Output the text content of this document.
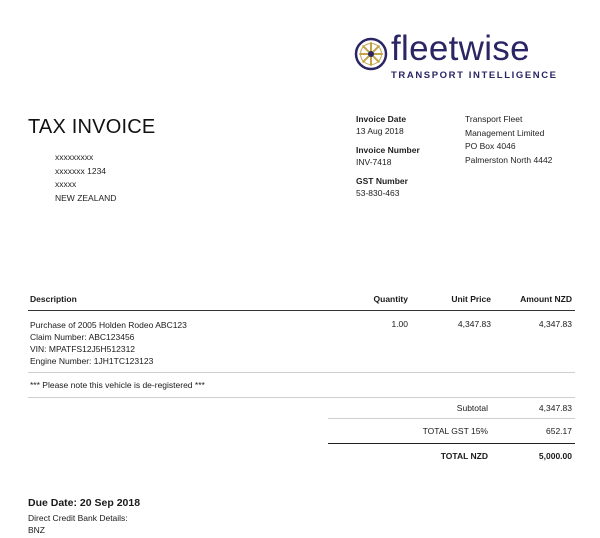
fleetwise
TRANSPORT INTELLIGENCE
TAX INVOICE
xxxxxxxxx
xxxxxxx 1234
xxxxx
NEW ZEALAND
Invoice Date
13 Aug 2018
Invoice Number
INV-7418
GST Number
53-830-463
Transport Fleet
Management Limited
PO Box 4046
Palmerston North 4442
Description	Quantity	Unit Price	Amount NZD
Purchase of 2005 Holden Rodeo ABC123
Claim Number: ABC123456
VIN: MPATFS12J5H512312
Engine Number: 1JH1TC123123
1.00	4,347.83	4,347.83
*** Please note this vehicle is de-registered ***
Subtotal	4,347.83
TOTAL GST 15%	652.17
TOTAL NZD	5,000.00
Due Date: 20 Sep 2018
Direct Credit Bank Details:
BNZ
